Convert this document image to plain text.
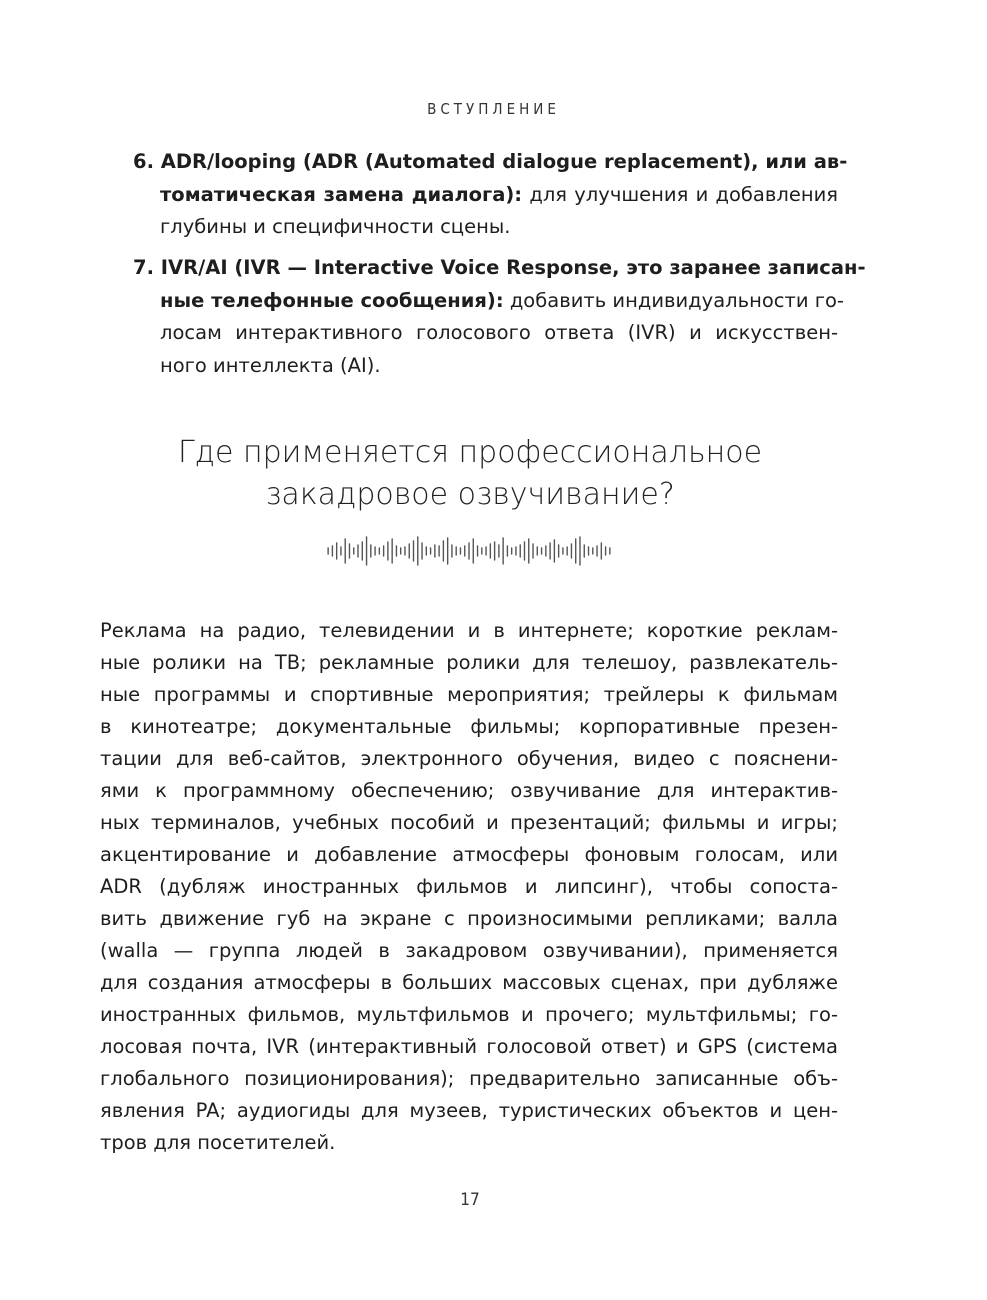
ВСТУПЛЕНИЕ
6. ADR/looping (ADR (Automated dialogue replacement), или ав-
томатическая замена диалога): для улучшения и добавления
глубины и специфичности сцены.
7. IVR/AI (IVR — Interactive Voice Response, это заранее записан-
ные телефонные сообщения): добавить индивидуальности го-
лосам интерактивного голосового ответа (IVR) и искусствен-
ного интеллекта (AI).
Где применяется профессиональное
закадровое озвучивание?
Реклама на радио, телевидении и в интернете; короткие реклам-
ные ролики на ТВ; рекламные ролики для телешоу, развлекатель-
ные программы и спортивные мероприятия; трейлеры к фильмам
в кинотеатре; документальные фильмы; корпоративные презен-
тации для веб-сайтов, электронного обучения, видео с пояснени-
ями к программному обеспечению; озвучивание для интерактив-
ных терминалов, учебных пособий и презентаций; фильмы и игры;
акцентирование и добавление атмосферы фоновым голосам, или
ADR (дубляж иностранных фильмов и липсинг), чтобы сопоста-
вить движение губ на экране с произносимыми репликами; валла
(walla — группа людей в закадровом озвучивании), применяется
для создания атмосферы в больших массовых сценах, при дубляже
иностранных фильмов, мультфильмов и прочего; мультфильмы; го-
лосовая почта, IVR (интерактивный голосовой ответ) и GPS (система
глобального позиционирования); предварительно записанные объ-
явления PA; аудиогиды для музеев, туристических объектов и цен-
тров для посетителей.
17
